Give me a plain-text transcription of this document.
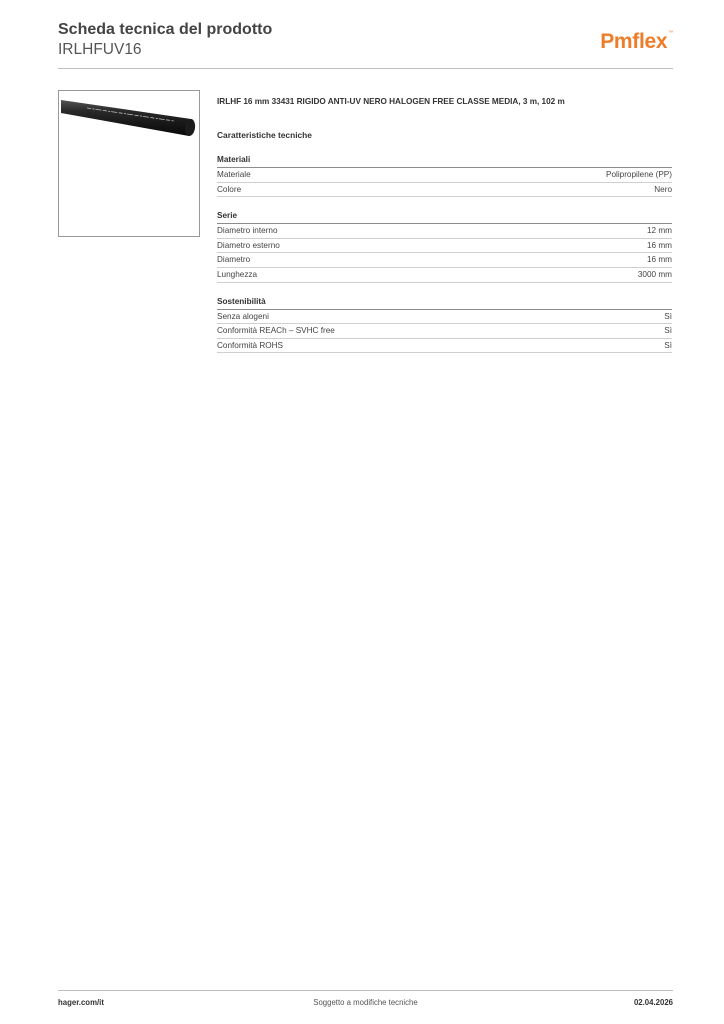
Scheda tecnica del prodotto
IRLHFUV16	Pmflex™
IRLHF 16 mm 33431 RIGIDO ANTI-UV NERO HALOGEN FREE CLASSE MEDIA, 3 m, 102 m
Caratteristiche tecniche
Materiali
Materiale	Polipropilene (PP)
Colore	Nero
Serie
Diametro interno	12 mm
Diametro esterno	16 mm
Diametro	16 mm
Lunghezza	3000 mm
Sostenibilità
Senza alogeni	Sì
Conformità REACh – SVHC free	Sì
Conformità ROHS	Sì
hager.com/it	Soggetto a modifiche tecniche	02.04.2026
